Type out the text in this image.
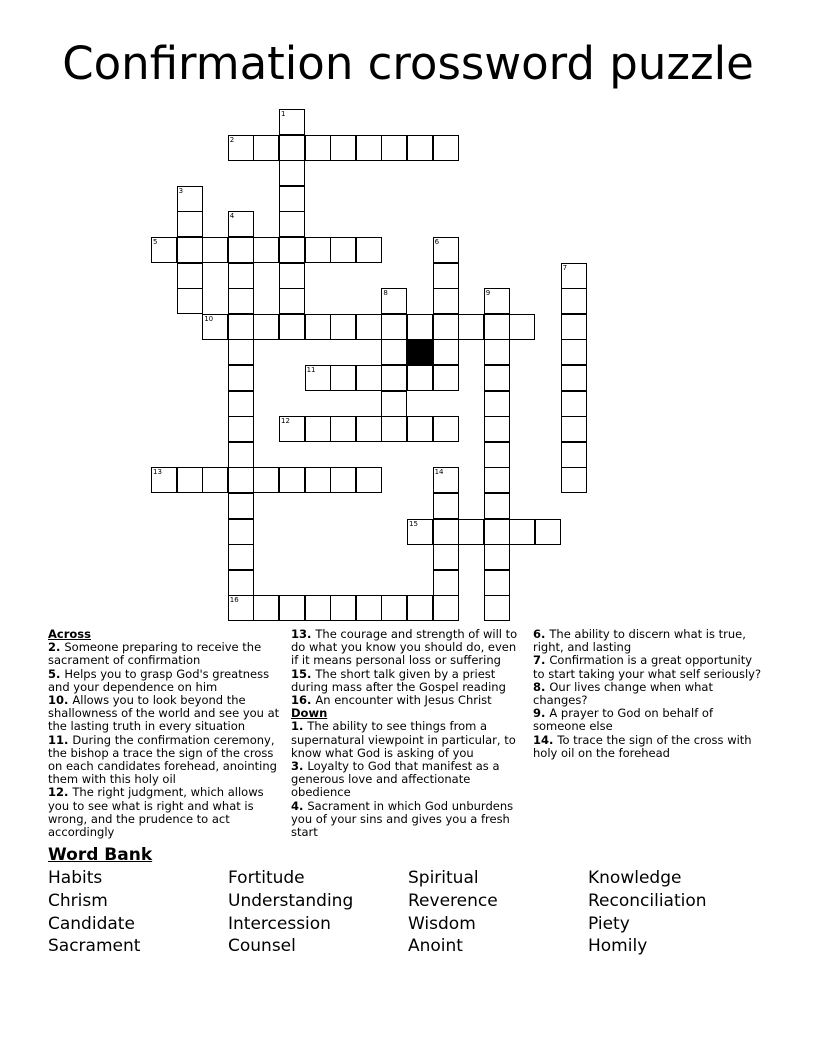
Confirmation crossword puzzle
1
2
3
4
5	6
7
8	9
10
11
12
13	14
15
16
Across
2. Someone preparing to receive the sacrament of confirmation
5. Helps you to grasp God's greatness and your dependence on him
10. Allows you to look beyond the shallowness of the world and see you at the lasting truth in every situation
11. During the confirmation ceremony, the bishop a trace the sign of the cross on each candidates forehead, anointing them with this holy oil
12. The right judgment, which allows you to see what is right and what is wrong, and the prudence to act accordingly
13. The courage and strength of will to do what you know you should do, even if it means personal loss or suffering
15. The short talk given by a priest during mass after the Gospel reading
16. An encounter with Jesus Christ
Down
1. The ability to see things from a supernatural viewpoint in particular, to know what God is asking of you
3. Loyalty to God that manifest as a generous love and affectionate obedience
4. Sacrament in which God unburdens you of your sins and gives you a fresh start
6. The ability to discern what is true, right, and lasting
7. Confirmation is a great opportunity to start taking your what self seriously?
8. Our lives change when what changes?
9. A prayer to God on behalf of someone else
14. To trace the sign of the cross with holy oil on the forehead
Word Bank
Habits	Fortitude	Spiritual	Knowledge
Chrism	Understanding	Reverence	Reconciliation
Candidate	Intercession	Wisdom	Piety
Sacrament	Counsel	Anoint	Homily
